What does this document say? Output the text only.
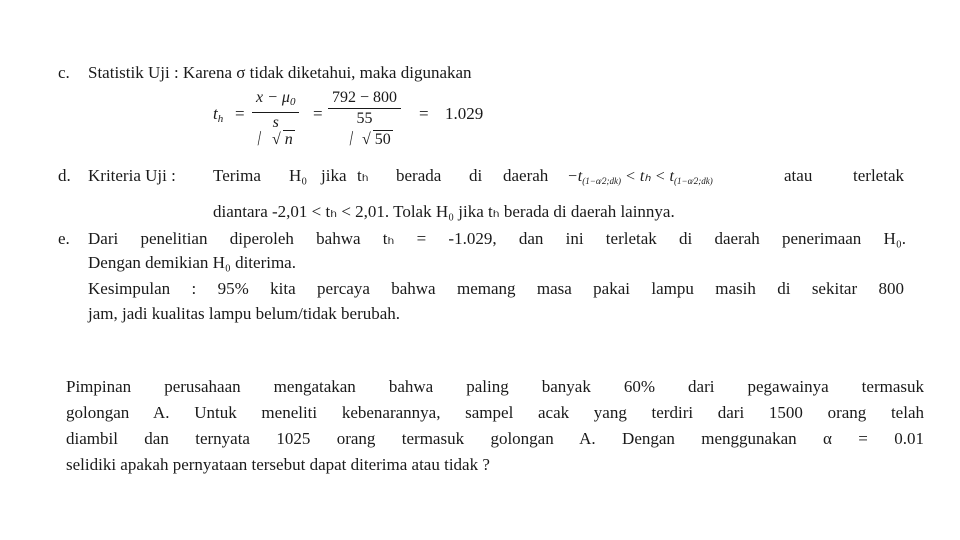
c. Statistik Uji : Karena σ tidak diketahui, maka digunakan
$t_h$ =
$x - \mu_0$
s
∕ √ n
=
792 − 800
55
∕ √ 50
= 1.029
d. Kriteria Uji : Terima H₀ jika tₕ berada di daerah $-t_{(1-\alpha⁄2;dk)} < t_h < t_{(1-\alpha⁄2;dk)}$	atau terletak
diantara -2,01 < tₕ < 2,01. Tolak H₀ jika tₕ berada di daerah lainnya.
e. Dari penelitian diperoleh bahwa tₕ = -1.029, dan ini terletak di daerah penerimaan H₀.
Dengan demikian H₀ diterima.
Kesimpulan : 95% kita percaya bahwa memang masa pakai lampu masih di sekitar 800
jam, jadi kualitas lampu belum/tidak berubah.
Pimpinan perusahaan mengatakan bahwa paling banyak 60% dari pegawainya termasuk
golongan A. Untuk meneliti kebenarannya, sampel acak yang terdiri dari 1500 orang telah
diambil dan ternyata 1025 orang termasuk golongan A. Dengan menggunakan α = 0.01
selidiki apakah pernyataan tersebut dapat diterima atau tidak ?
